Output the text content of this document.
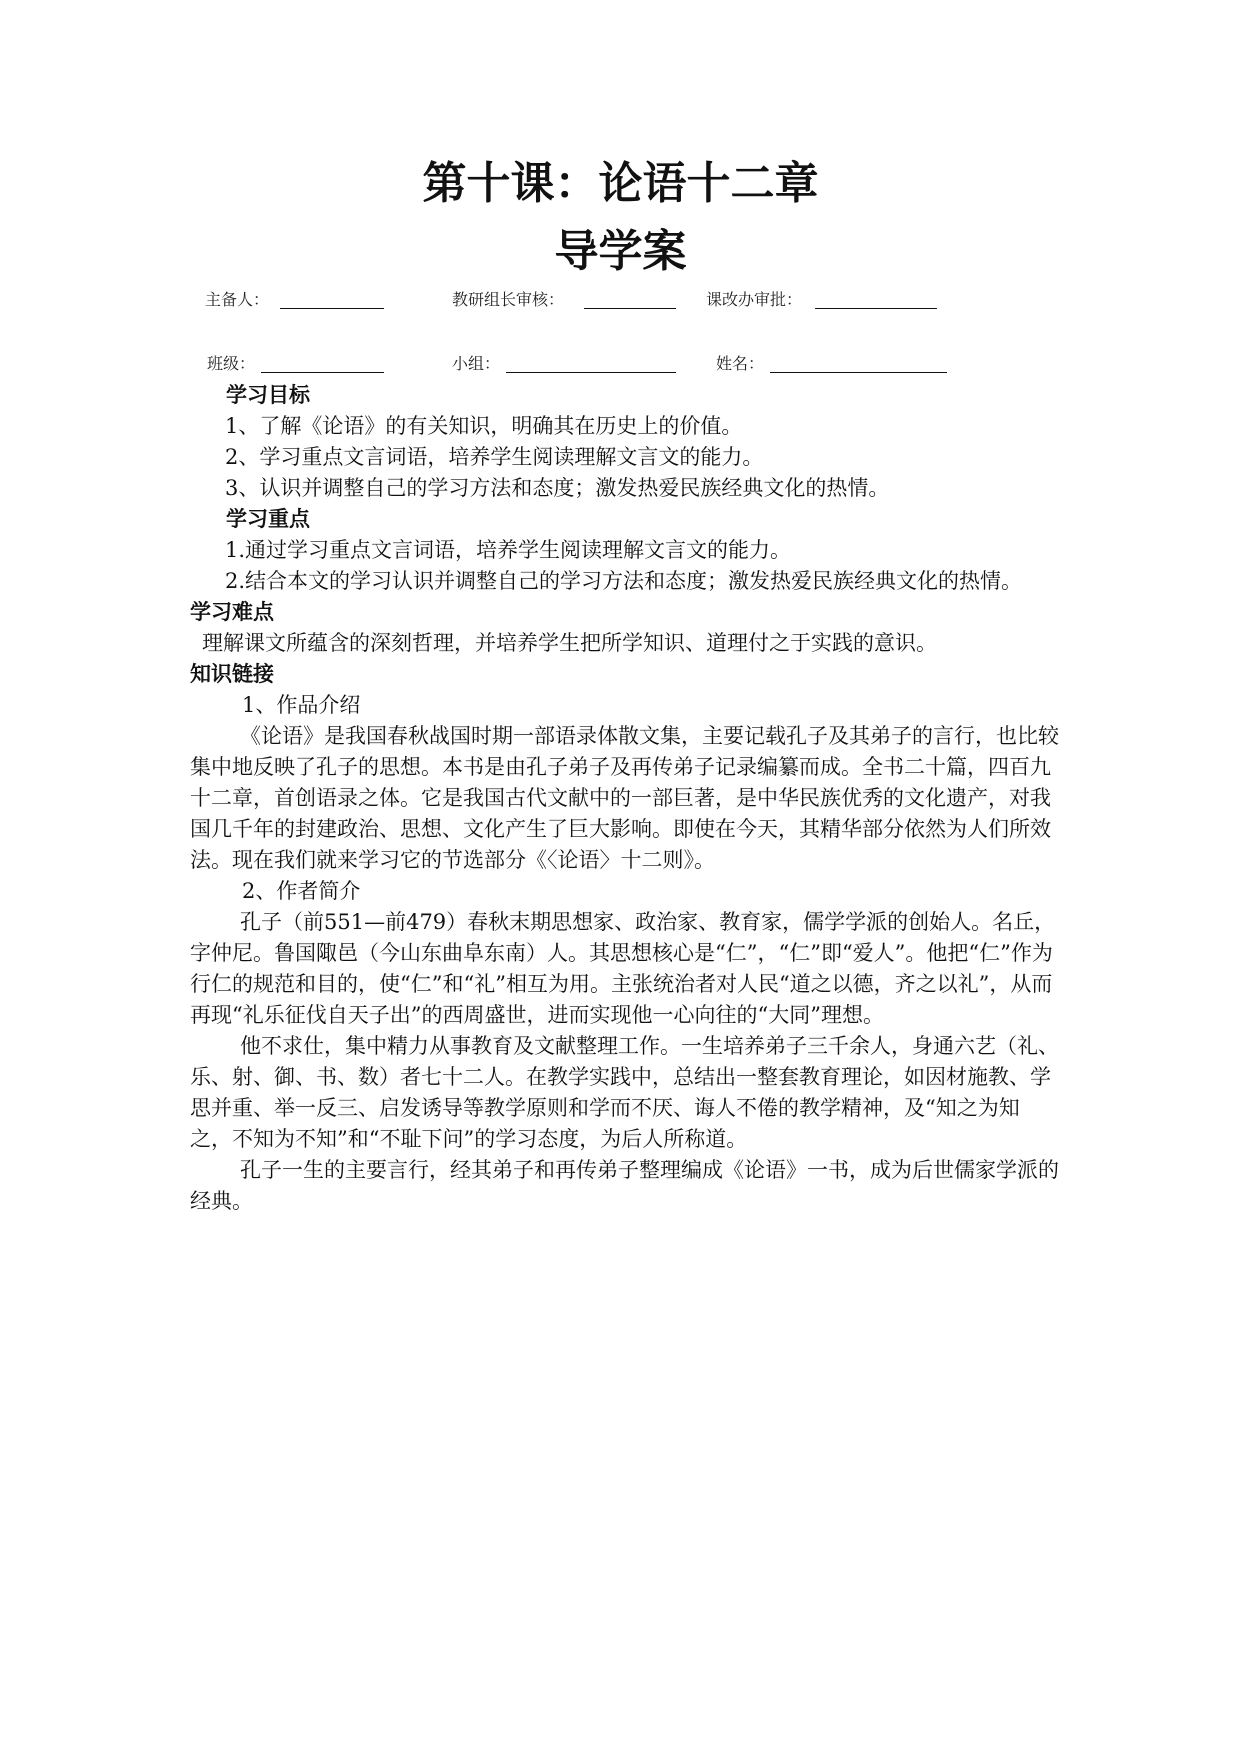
第十课：论语十二章
导学案
主备人：	教研组长审核：	课改办审批：
班级：	小组：	姓名：

学习目标

1、了解《论语》的有关知识，明确其在历史上的价值。

2、学习重点文言词语，培养学生阅读理解文言文的能力。

3、认识并调整自己的学习方法和态度；激发热爱民族经典文化的热情。

学习重点

1.通过学习重点文言词语，培养学生阅读理解文言文的能力。

2.结合本文的学习认识并调整自己的学习方法和态度；激发热爱民族经典文化的热情。

学习难点

理解课文所蕴含的深刻哲理，并培养学生把所学知识、道理付之于实践的意识。

知识链接

1、作品介绍

《论语》是我国春秋战国时期一部语录体散文集，主要记载孔子及其弟子的言行，也比较集中地反映了孔子的思想。本书是由孔子弟子及再传弟子记录编纂而成。全书二十篇，四百九十二章，首创语录之体。它是我国古代文献中的一部巨著，是中华民族优秀的文化遗产，对我国几千年的封建政治、思想、文化产生了巨大影响。即使在今天，其精华部分依然为人们所效法。现在我们就来学习它的节选部分《〈论语〉十二则》。

2、作者简介

孔子（前551—前479）春秋末期思想家、政治家、教育家，儒学学派的创始人。名丘，字仲尼。鲁国陬邑（今山东曲阜东南）人。其思想核心是“仁”，“仁”即“爱人”。他把“仁”作为行仁的规范和目的，使“仁”和“礼”相互为用。主张统治者对人民“道之以德，齐之以礼”，从而再现“礼乐征伐自天子出”的西周盛世，进而实现他一心向往的“大同”理想。

他不求仕，集中精力从事教育及文献整理工作。一生培养弟子三千余人，身通六艺（礼、乐、射、御、书、数）者七十二人。在教学实践中，总结出一整套教育理论，如因材施教、学思并重、举一反三、启发诱导等教学原则和学而不厌、诲人不倦的教学精神，及“知之为知之，不知为不知”和“不耻下问”的学习态度，为后人所称道。

孔子一生的主要言行，经其弟子和再传弟子整理编成《论语》一书，成为后世儒家学派的经典。
